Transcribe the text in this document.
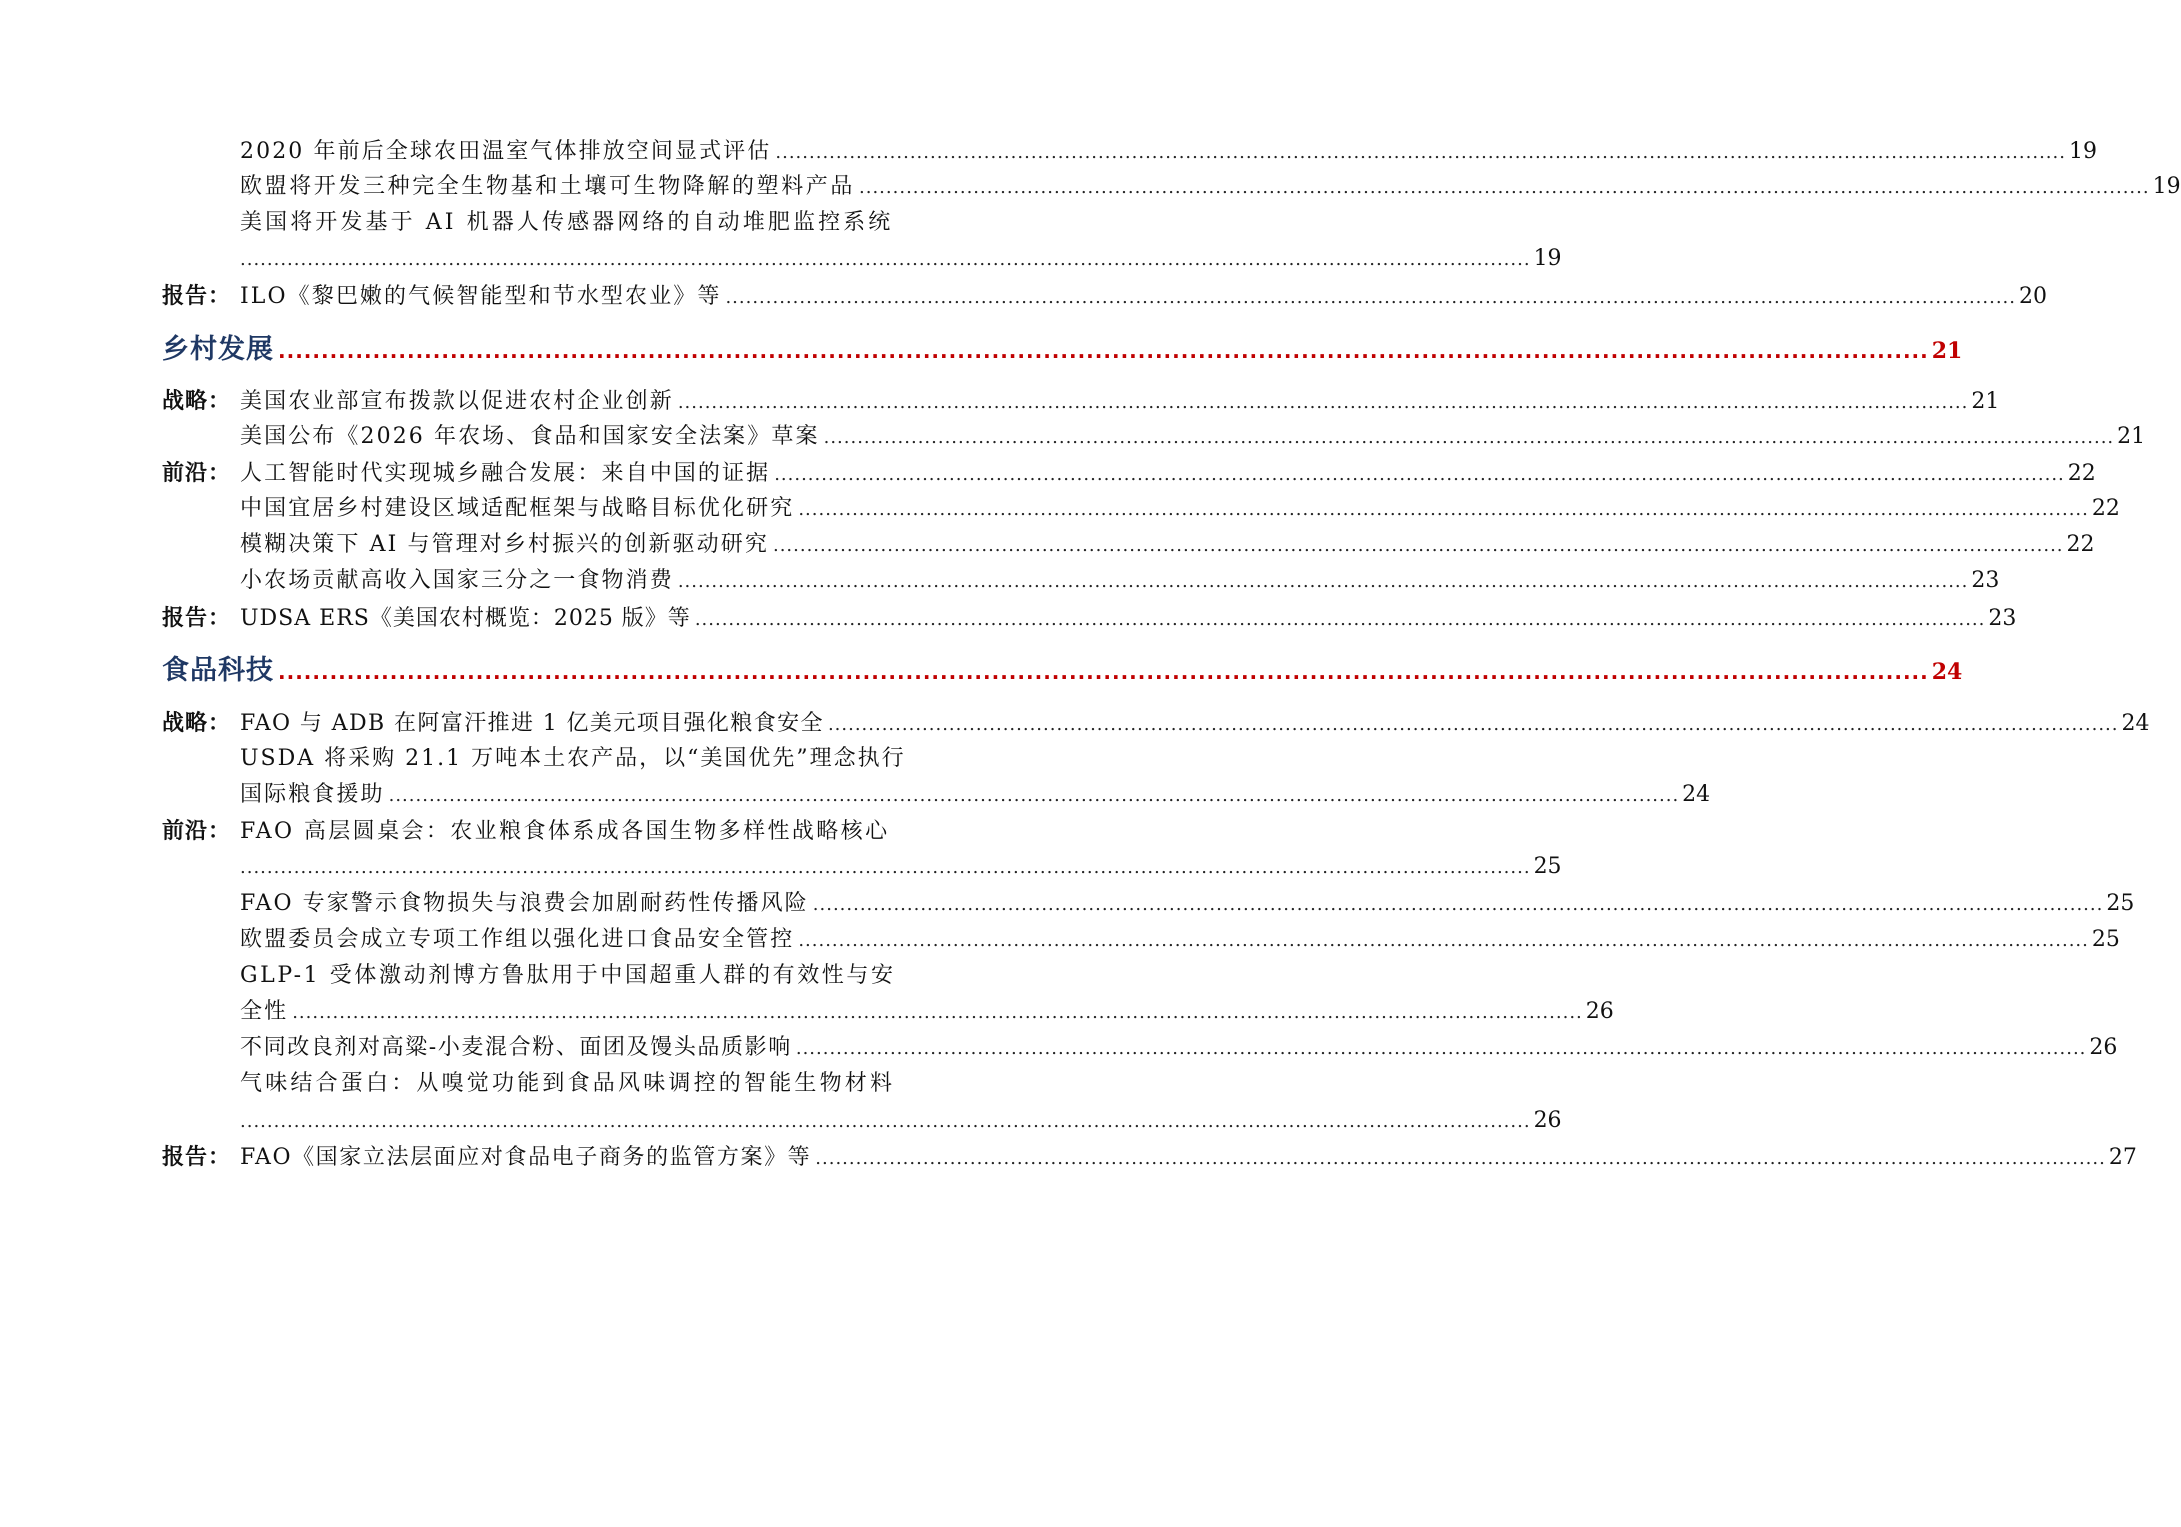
2020 年前后全球农田温室气体排放空间显式评估 ................................................................................................................................................................................................ 19
欧盟将开发三种完全生物基和土壤可生物降解的塑料产品 ................................................................................................................................................................................................ 19
美国将开发基于 AI 机器人传感器网络的自动堆肥监控系统
................................................................................................................................................................................................ 19
报告： ILO《黎巴嫩的气候智能型和节水型农业》等 ................................................................................................................................................................................................ 20
乡村发展 ................................................................................................................................................................................................ 21
战略： 美国农业部宣布拨款以促进农村企业创新 ................................................................................................................................................................................................ 21
美国公布《2026 年农场、食品和国家安全法案》草案 ................................................................................................................................................................................................ 21
前沿： 人工智能时代实现城乡融合发展：来自中国的证据 ................................................................................................................................................................................................ 22
中国宜居乡村建设区域适配框架与战略目标优化研究 ................................................................................................................................................................................................ 22
模糊决策下 AI 与管理对乡村振兴的创新驱动研究 ................................................................................................................................................................................................ 22
小农场贡献高收入国家三分之一食物消费 ................................................................................................................................................................................................ 23
报告： UDSA ERS《美国农村概览：2025 版》等 ................................................................................................................................................................................................ 23
食品科技 ................................................................................................................................................................................................ 24
战略： FAO 与 ADB 在阿富汗推进 1 亿美元项目强化粮食安全 ................................................................................................................................................................................................ 24
USDA 将采购 21.1 万吨本土农产品，以“美国优先”理念执行
国际粮食援助 ................................................................................................................................................................................................ 24
前沿： FAO 高层圆桌会：农业粮食体系成各国生物多样性战略核心
................................................................................................................................................................................................ 25
FAO 专家警示食物损失与浪费会加剧耐药性传播风险 ................................................................................................................................................................................................ 25
欧盟委员会成立专项工作组以强化进口食品安全管控 ................................................................................................................................................................................................ 25
GLP-1 受体激动剂博方鲁肽用于中国超重人群的有效性与安
全性 ................................................................................................................................................................................................ 26
不同改良剂对高粱-小麦混合粉、面团及馒头品质影响 ................................................................................................................................................................................................ 26
气味结合蛋白：从嗅觉功能到食品风味调控的智能生物材料
................................................................................................................................................................................................ 26
报告： FAO《国家立法层面应对食品电子商务的监管方案》等 ................................................................................................................................................................................................ 27
